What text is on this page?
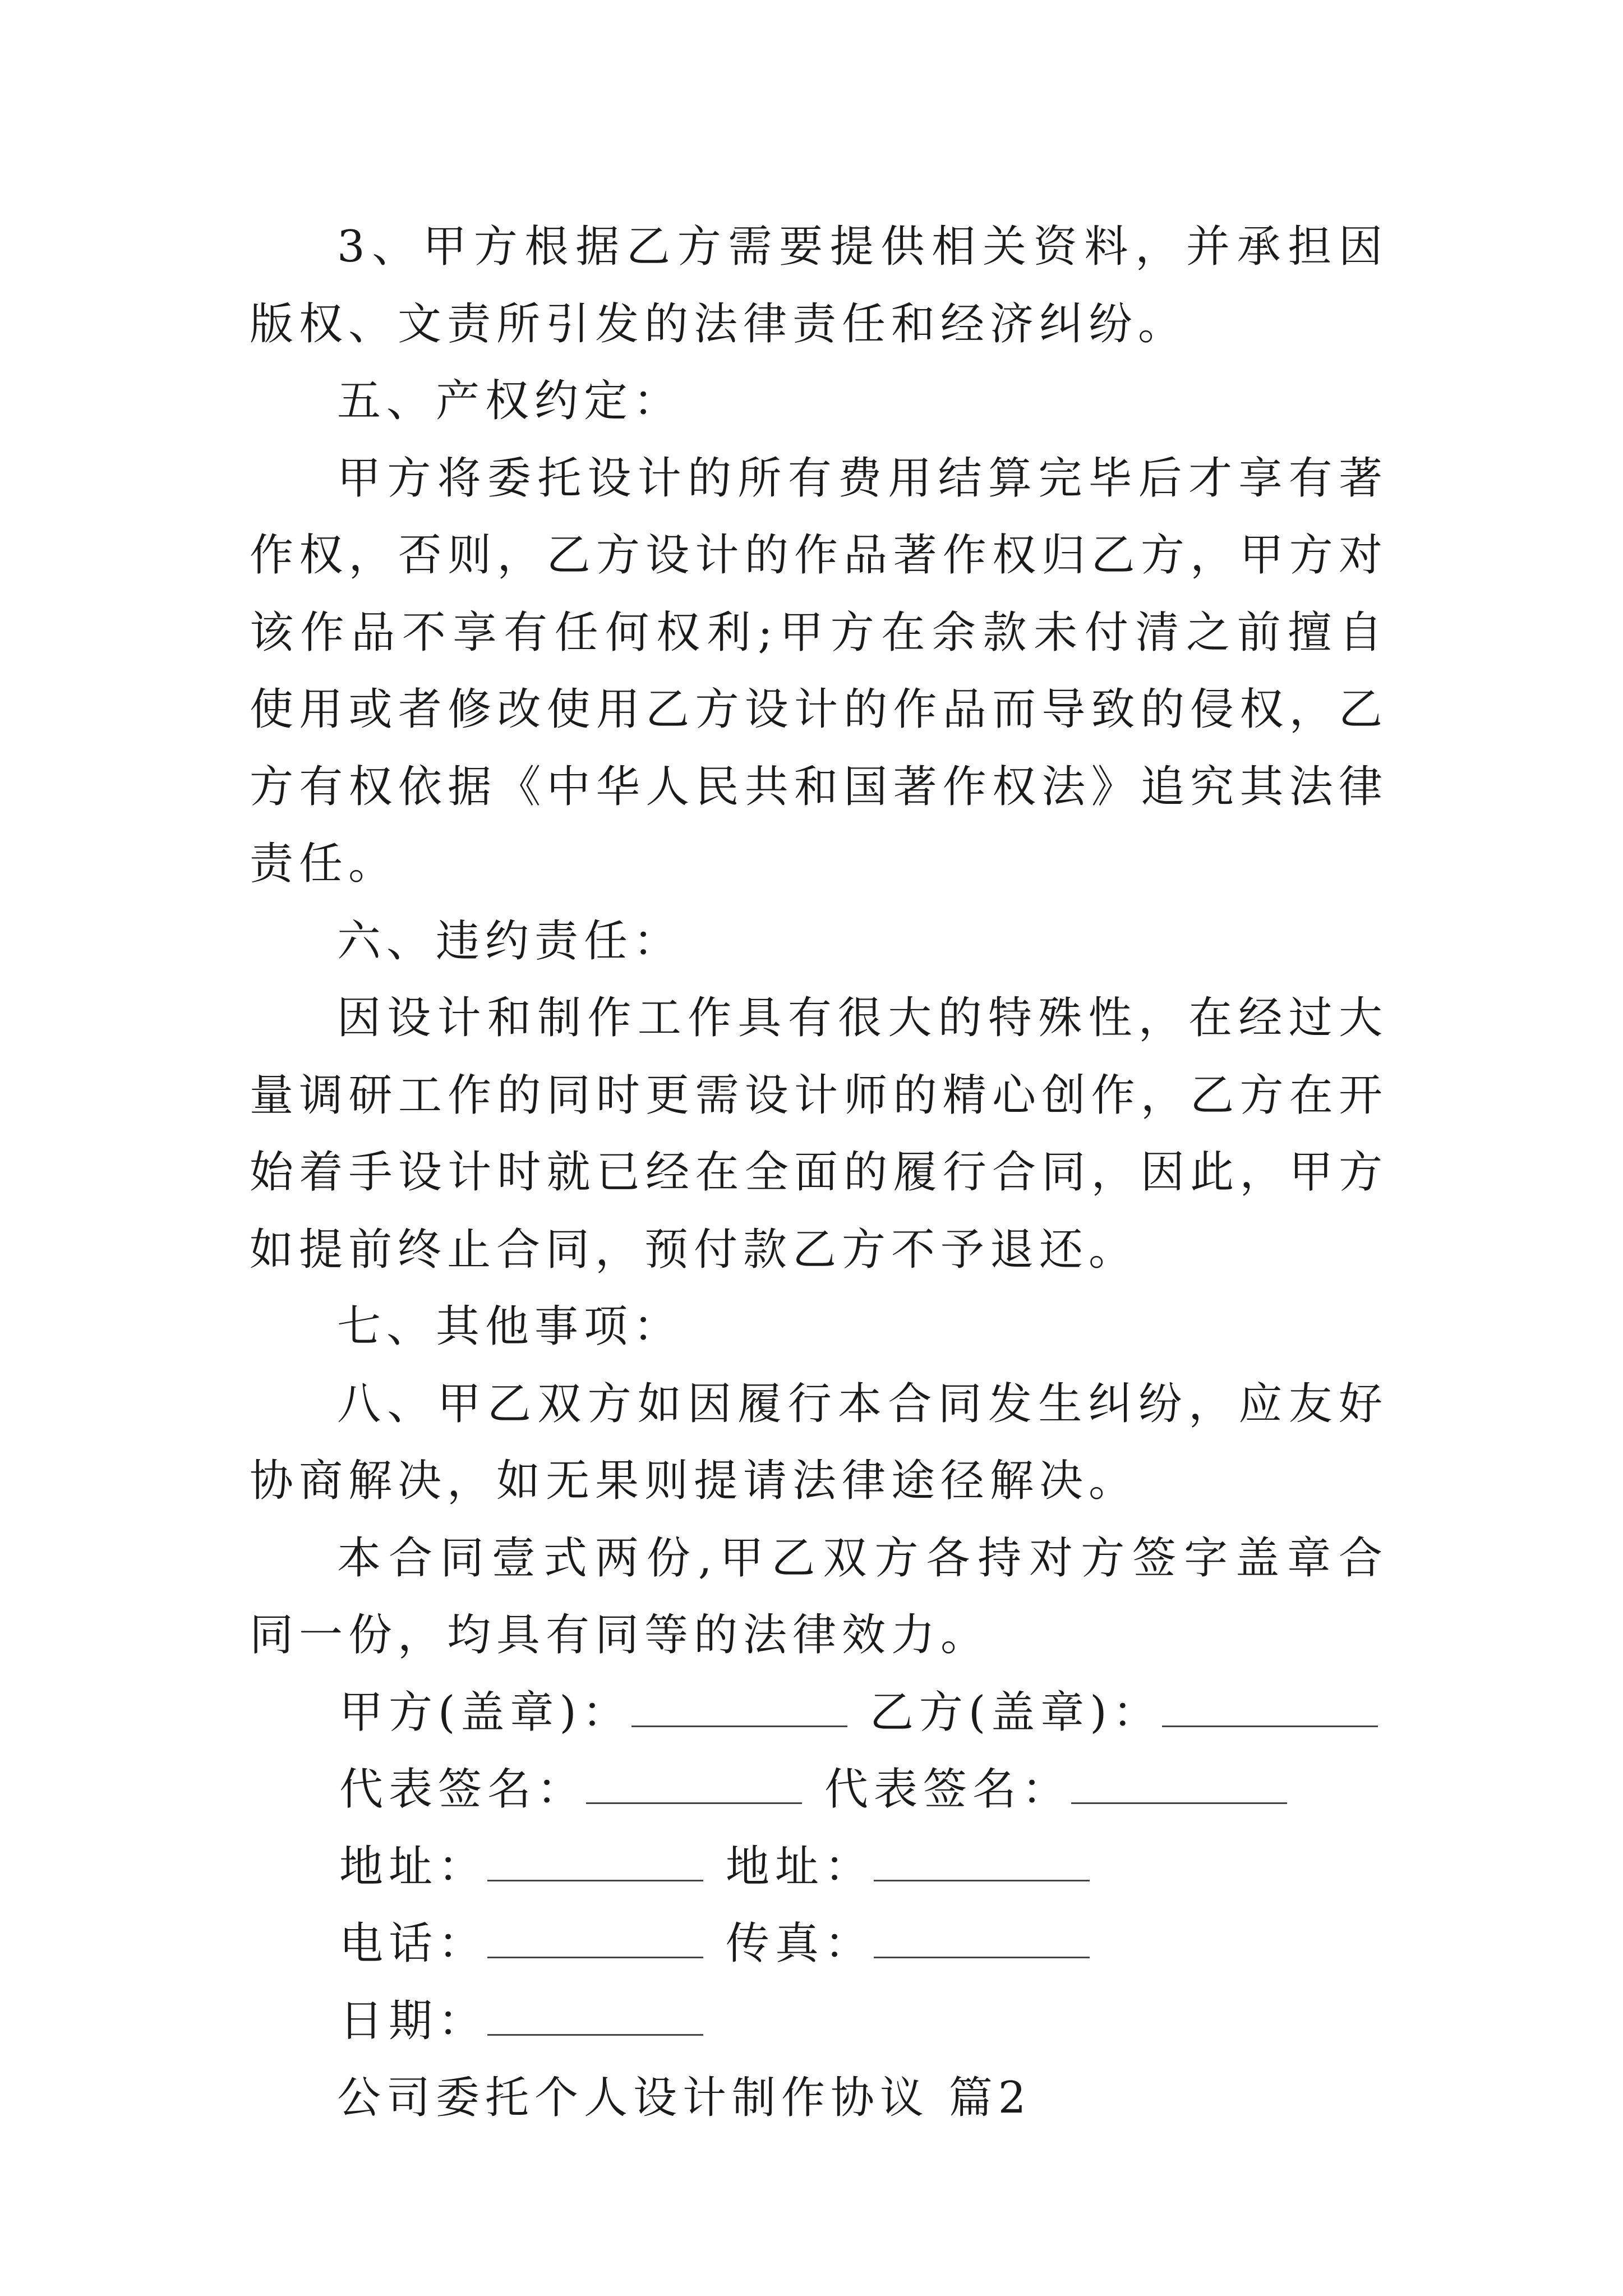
3、甲方根据乙方需要提供相关资料，并承担因版权、文责所引发的法律责任和经济纠纷。

五、产权约定：

甲方将委托设计的所有费用结算完毕后才享有著作权，否则，乙方设计的作品著作权归乙方，甲方对该作品不享有任何权利;甲方在余款未付清之前擅自使用或者修改使用乙方设计的作品而导致的侵权，乙方有权依据《中华人民共和国著作权法》追究其法律责任。

六、违约责任：

因设计和制作工作具有很大的特殊性，在经过大量调研工作的同时更需设计师的精心创作，乙方在开始着手设计时就已经在全面的履行合同，因此，甲方如提前终止合同，预付款乙方不予退还。

七、其他事项：

八、甲乙双方如因履行本合同发生纠纷，应友好协商解决，如无果则提请法律途径解决。

本合同壹式两份,甲乙双方各持对方签字盖章合同一份，均具有同等的法律效力。

甲方(盖章)：	乙方(盖章)：
代表签名：	代表签名：
地址：	地址：
电话：	传真：
日期：

公司委托个人设计制作协议 篇2
